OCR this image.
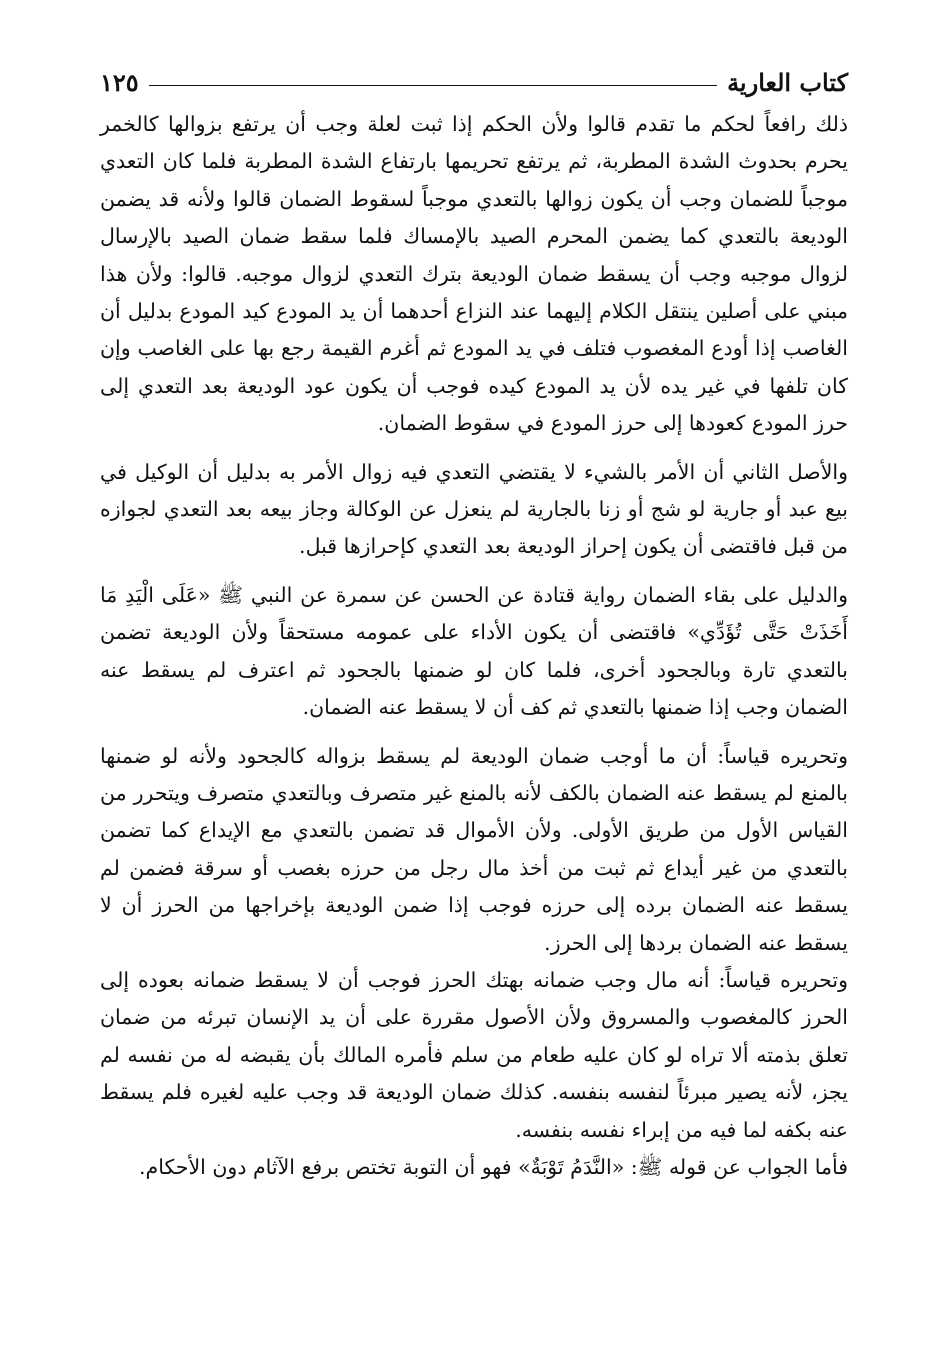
كتاب العارية
١٢٥

ذلك رافعاً لحكم ما تقدم قالوا ولأن الحكم إذا ثبت لعلة وجب أن يرتفع بزوالها كالخمر يحرم بحدوث الشدة المطربة، ثم يرتفع تحريمها بارتفاع الشدة المطربة فلما كان التعدي موجباً للضمان وجب أن يكون زوالها بالتعدي موجباً لسقوط الضمان قالوا ولأنه قد يضمن الوديعة بالتعدي كما يضمن المحرم الصيد بالإمساك فلما سقط ضمان الصيد بالإرسال لزوال موجبه وجب أن يسقط ضمان الوديعة بترك التعدي لزوال موجبه. قالوا: ولأن هذا مبني على أصلين ينتقل الكلام إليهما عند النزاع أحدهما أن يد المودع كيد المودع بدليل أن الغاصب إذا أودع المغصوب فتلف في يد المودع ثم أغرم القيمة رجع بها على الغاصب وإن كان تلفها في غير يده لأن يد المودع كيده فوجب أن يكون عود الوديعة بعد التعدي إلى حرز المودع كعودها إلى حرز المودع في سقوط الضمان.

والأصل الثاني أن الأمر بالشيء لا يقتضي التعدي فيه زوال الأمر به بدليل أن الوكيل في بيع عبد أو جارية لو شج أو زنا بالجارية لم ينعزل عن الوكالة وجاز بيعه بعد التعدي لجوازه من قبل فاقتضى أن يكون إحراز الوديعة بعد التعدي كإحرازها قبل.

والدليل على بقاء الضمان رواية قتادة عن الحسن عن سمرة عن النبي ﷺ «عَلَى الْيَدِ مَا أَخَذَتْ حَتَّى تُؤَدِّي» فاقتضى أن يكون الأداء على عمومه مستحقاً ولأن الوديعة تضمن بالتعدي تارة وبالجحود أخرى، فلما كان لو ضمنها بالجحود ثم اعترف لم يسقط عنه الضمان وجب إذا ضمنها بالتعدي ثم كف أن لا يسقط عنه الضمان.

وتحريره قياساً: أن ما أوجب ضمان الوديعة لم يسقط بزواله كالجحود ولأنه لو ضمنها بالمنع لم يسقط عنه الضمان بالكف لأنه بالمنع غير متصرف وبالتعدي متصرف ويتحرر من القياس الأول من طريق الأولى. ولأن الأموال قد تضمن بالتعدي مع الإيداع كما تضمن بالتعدي من غير أيداع ثم ثبت من أخذ مال رجل من حرزه بغصب أو سرقة فضمن لم يسقط عنه الضمان برده إلى حرزه فوجب إذا ضمن الوديعة بإخراجها من الحرز أن لا يسقط عنه الضمان بردها إلى الحرز.

وتحريره قياساً: أنه مال وجب ضمانه بهتك الحرز فوجب أن لا يسقط ضمانه بعوده إلى الحرز كالمغصوب والمسروق ولأن الأصول مقررة على أن يد الإنسان تبرئه من ضمان تعلق بذمته ألا تراه لو كان عليه طعام من سلم فأمره المالك بأن يقبضه له من نفسه لم يجز، لأنه يصير مبرئاً لنفسه بنفسه. كذلك ضمان الوديعة قد وجب عليه لغيره فلم يسقط عنه بكفه لما فيه من إبراء نفسه بنفسه.

فأما الجواب عن قوله ﷺ: «النَّدَمُ تَوْبَةٌ» فهو أن التوبة تختص برفع الآثام دون الأحكام.
